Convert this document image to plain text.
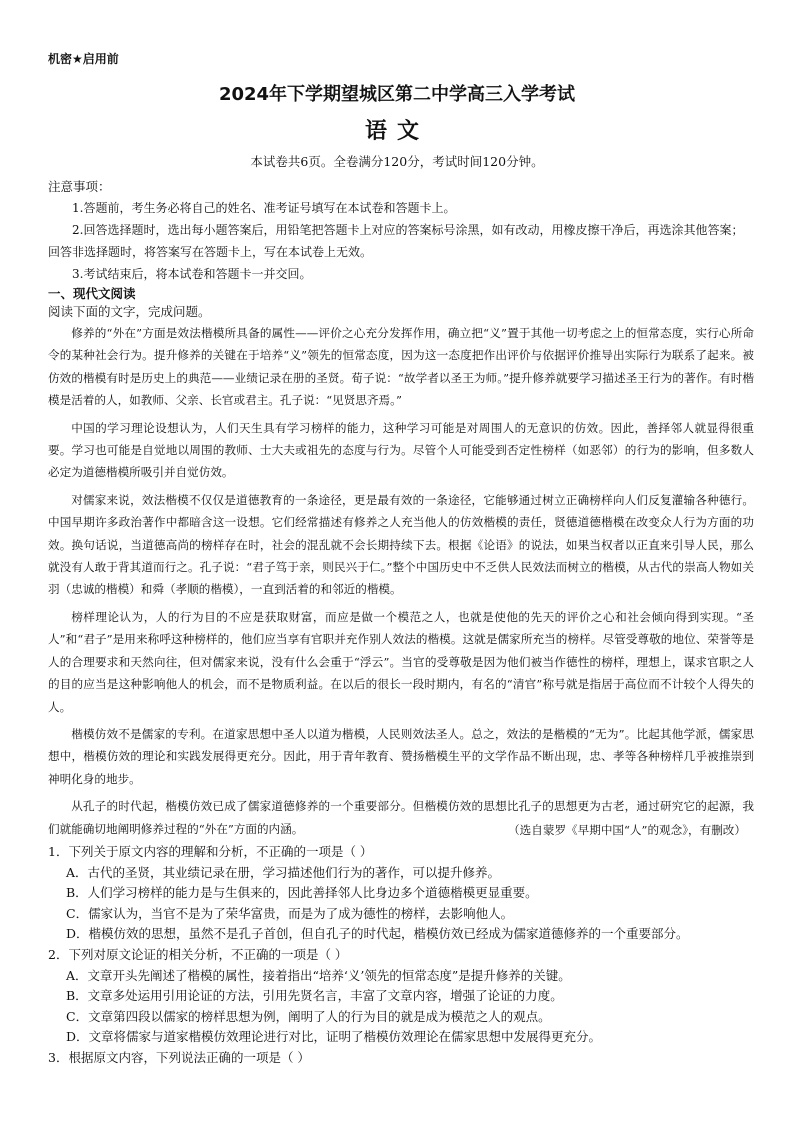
机密★启用前
2024年下学期望城区第二中学高三入学考试
语文
本试卷共6页。全卷满分120分，考试时间120分钟。
注意事项：

1.答题前，考生务必将自己的姓名、准考证号填写在本试卷和答题卡上。

2.回答选择题时，选出每小题答案后，用铅笔把答题卡上对应的答案标号涂黑，如有改动，用橡皮擦干净后，再选涂其他答案；回答非选择题时，将答案写在答题卡上，写在本试卷上无效。

3.考试结束后，将本试卷和答题卡一并交回。

一、现代文阅读
阅读下面的文字，完成问题。

修养的“外在”方面是效法楷模所具备的属性——评价之心充分发挥作用，确立把“义”置于其他一切考虑之上的恒常态度，实行心所命令的某种社会行为。提升修养的关键在于培养“义”领先的恒常态度，因为这一态度把作出评价与依据评价推导出实际行为联系了起来。被仿效的楷模有时是历史上的典范——业绩记录在册的圣贤。荀子说：“故学者以圣王为师。”提升修养就要学习描述圣王行为的著作。有时楷模是活着的人，如教师、父亲、长官或君主。孔子说：“见贤思齐焉。”

中国的学习理论设想认为，人们天生具有学习榜样的能力，这种学习可能是对周围人的无意识的仿效。因此，善择邻人就显得很重要。学习也可能是自觉地以周围的教师、士大夫或祖先的态度与行为。尽管个人可能受到否定性榜样（如恶邻）的行为的影响，但多数人必定为道德楷模所吸引并自觉仿效。

对儒家来说，效法楷模不仅仅是道德教育的一条途径，更是最有效的一条途径，它能够通过树立正确榜样向人们反复灌输各种德行。中国早期许多政治著作中都暗含这一设想。它们经常描述有修养之人充当他人的仿效楷模的责任，贤德道德楷模在改变众人行为方面的功效。换句话说，当道德高尚的榜样存在时，社会的混乱就不会长期持续下去。根据《论语》的说法，如果当权者以正直来引导人民，那么就没有人敢于背其道而行之。孔子说：“君子笃于亲，则民兴于仁。”整个中国历史中不乏供人民效法而树立的楷模，从古代的崇高人物如关羽（忠诚的楷模）和舜（孝顺的楷模），一直到活着的和邻近的楷模。

榜样理论认为，人的行为目的不应是获取财富，而应是做一个模范之人，也就是使他的先天的评价之心和社会倾向得到实现。“圣人”和“君子”是用来称呼这种榜样的，他们应当享有官职并充作别人效法的楷模。这就是儒家所充当的榜样。尽管受尊敬的地位、荣誉等是人的合理要求和天然向往，但对儒家来说，没有什么会重于“浮云”。当官的受尊敬是因为他们被当作德性的榜样，理想上，谋求官职之人的目的应当是这种影响他人的机会，而不是物质利益。在以后的很长一段时期内，有名的“清官”称号就是指居于高位而不计较个人得失的人。

楷模仿效不是儒家的专利。在道家思想中圣人以道为楷模，人民则效法圣人。总之，效法的是楷模的“无为”。比起其他学派，儒家思想中，楷模仿效的理论和实践发展得更充分。因此，用于青年教育、赞扬楷模生平的文学作品不断出现，忠、孝等各种榜样几乎被推崇到神明化身的地步。

从孔子的时代起，楷模仿效已成了儒家道德修养的一个重要部分。但楷模仿效的思想比孔子的思想更为古老，通过研究它的起源，我们就能确切地阐明修养过程的“外在”方面的内涵。	（选自蒙罗《早期中国“人”的观念》，有删改）

1．下列关于原文内容的理解和分析，不正确的一项是（ ）

A．古代的圣贤，其业绩记录在册，学习描述他们行为的著作，可以提升修养。

B．人们学习榜样的能力是与生俱来的，因此善择邻人比身边多个道德楷模更显重要。

C．儒家认为，当官不是为了荣华富贵，而是为了成为德性的榜样，去影响他人。

D．楷模仿效的思想，虽然不是孔子首创，但自孔子的时代起，楷模仿效已经成为儒家道德修养的一个重要部分。

2．下列对原文论证的相关分析，不正确的一项是（ ）

A．文章开头先阐述了楷模的属性，接着指出“培养‘义’领先的恒常态度”是提升修养的关键。

B．文章多处运用引用论证的方法，引用先贤名言，丰富了文章内容，增强了论证的力度。

C．文章第四段以儒家的榜样思想为例，阐明了人的行为目的就是成为模范之人的观点。

D．文章将儒家与道家楷模仿效理论进行对比，证明了楷模仿效理论在儒家思想中发展得更充分。

3．根据原文内容，下列说法正确的一项是（ ）
